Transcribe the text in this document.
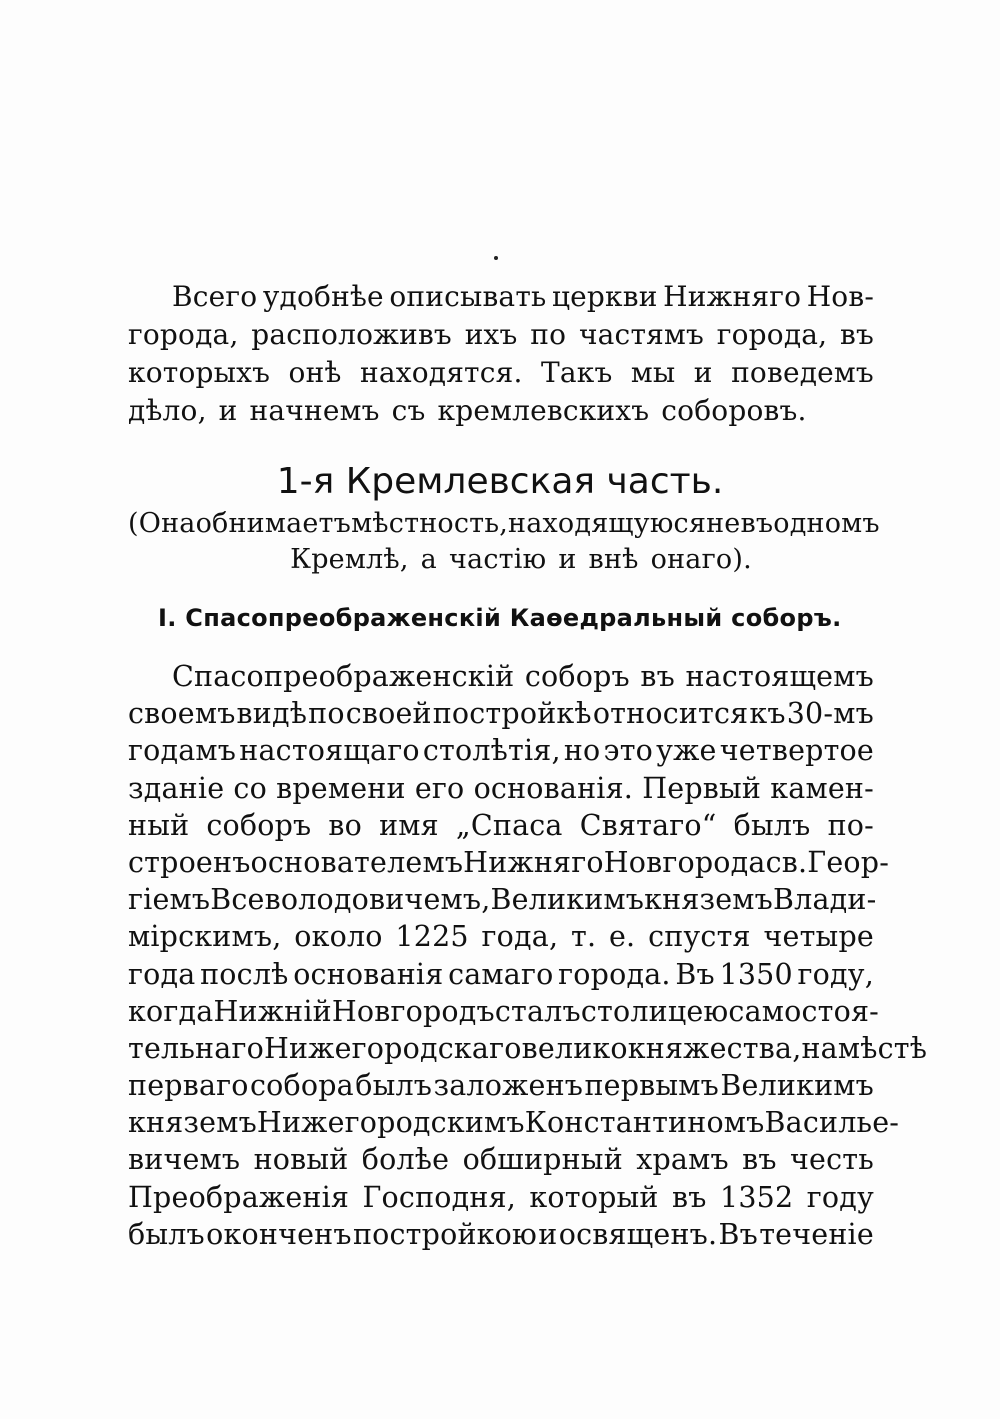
Всего удобнѣе описывать церкви Нижняго Нов-
города, расположивъ ихъ по частямъ города, въ
которыхъ онѣ находятся. Такъ мы и поведемъ
дѣло, и начнемъ съ кремлевскихъ соборовъ.
1-я Кремлевская часть.
(Она обнимаетъ мѣстность, находящуюся не въ одномъ
Кремлѣ, а частію и внѣ онаго).
I. Спасопреображенскій Каѳедральный соборъ.
Спасопреображенскій соборъ въ настоящемъ
своемъ видѣ по своей постройкѣ относится къ 30-мъ
годамъ настоящаго столѣтія, но это уже четвертое
зданіе со времени его основанія. Первый камен-
ный соборъ во имя „Спаса Святаго“ былъ по-
строенъ основателемъ Нижняго Новгорода св. Геор-
гіемъ Всеволодовичемъ, Великимъ княземъ Влади-
мірскимъ, около 1225 года, т. е. спустя четыре
года послѣ основанія самаго города. Въ 1350 году,
когда Нижній Новгородъ сталъ столицею самостоя-
тельнаго Нижегородскаго великокняжества, на мѣстѣ
перваго собора былъ заложенъ первымъ Великимъ
княземъ Нижегородскимъ Константиномъ Василье-
вичемъ новый болѣе обширный храмъ въ честь
Преображенія Господня, который въ 1352 году
былъ оконченъ постройкою и освященъ. Въ теченіе
